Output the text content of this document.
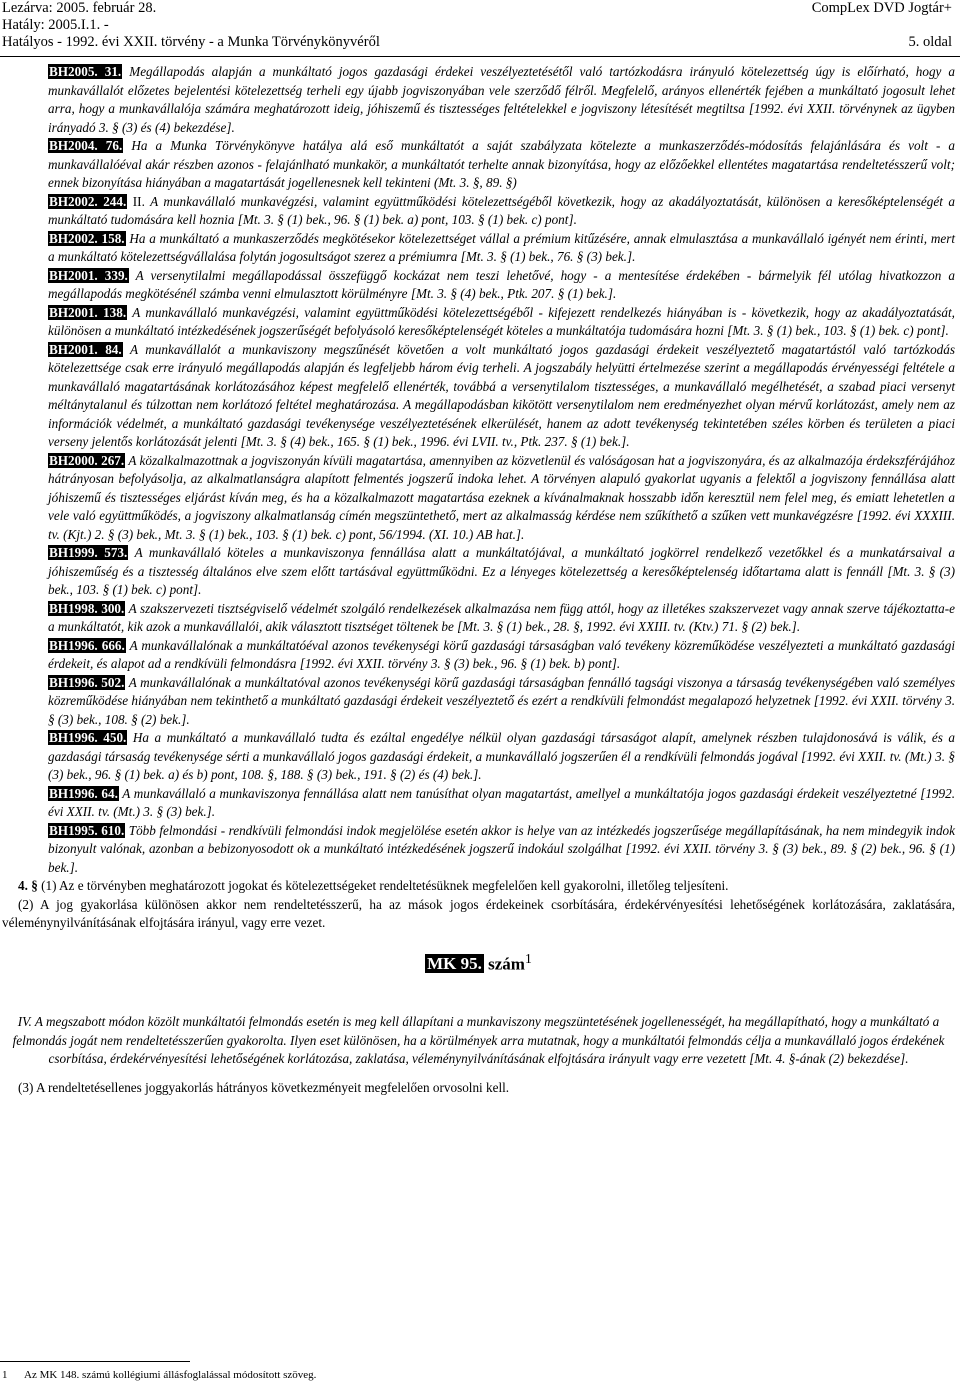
Lezárva: 2005. február 28.
Hatály: 2005.I.1. -
Hatályos - 1992. évi XXII. törvény - a Munka Törvénykönyvéről
CompLex DVD Jogtár+
5. oldal

BH2005. 31. Megállapodás alapján a munkáltató jogos gazdasági érdekei veszélyeztetésétől való tartózkodásra irányuló kötelezettség úgy is előírható, hogy a munkavállalót előzetes bejelentési kötelezettség terheli egy újabb jogviszonyában vele szerződő félről. Megfelelő, arányos ellenérték fejében a munkáltató jogosult lehet arra, hogy a munkavállalója számára meghatározott ideig, jóhiszemű és tisztességes feltételekkel e jogviszony létesítését megtiltsa [1992. évi XXII. törvénynek az ügyben irányadó 3. § (3) és (4) bekezdése].

BH2004. 76. Ha a Munka Törvénykönyve hatálya alá eső munkáltatót a saját szabályzata kötelezte a munkaszerződés-módosítás felajánlására és volt - a munkavállalóéval akár részben azonos - felajánlható munkakör, a munkáltatót terhelte annak bizonyítása, hogy az előzőekkel ellentétes magatartása rendeltetésszerű volt; ennek bizonyítása hiányában a magatartását jogellenesnek kell tekinteni (Mt. 3. §, 89. §)

BH2002. 244. II. A munkavállaló munkavégzési, valamint együttműködési kötelezettségéből következik, hogy az akadályoztatását, különösen a keresőképtelenségét a munkáltató tudomására kell hoznia [Mt. 3. § (1) bek., 96. § (1) bek. a) pont, 103. § (1) bek. c) pont].

BH2002. 158. Ha a munkáltató a munkaszerződés megkötésekor kötelezettséget vállal a prémium kitűzésére, annak elmulasztása a munkavállaló igényét nem érinti, mert a munkáltató kötelezettségvállalása folytán jogosultságot szerez a prémiumra [Mt. 3. § (1) bek., 76. § (3) bek.].

BH2001. 339. A versenytilalmi megállapodással összefüggő kockázat nem teszi lehetővé, hogy - a mentesítése érdekében - bármelyik fél utólag hivatkozzon a megállapodás megkötésénél számba venni elmulasztott körülményre [Mt. 3. § (4) bek., Ptk. 207. § (1) bek.].

BH2001. 138. A munkavállaló munkavégzési, valamint együttműködési kötelezettségéből - kifejezett rendelkezés hiányában is - következik, hogy az akadályoztatását, különösen a munkáltató intézkedésének jogszerűségét befolyásoló keresőképtelenségét köteles a munkáltatója tudomására hozni [Mt. 3. § (1) bek., 103. § (1) bek. c) pont].

BH2001. 84. A munkavállalót a munkaviszony megszűnését követően a volt munkáltató jogos gazdasági érdekeit veszélyeztető magatartástól való tartózkodás kötelezettsége csak erre irányuló megállapodás alapján és legfeljebb három évig terheli. A jogszabály helyütti értelmezése szerint a megállapodás érvényességi feltétele a munkavállaló magatartásának korlátozásához képest megfelelő ellenérték, továbbá a versenytilalom tisztességes, a munkavállaló megélhetését, a szabad piaci versenyt méltánytalanul és túlzottan nem korlátozó feltétel meghatározása. A megállapodásban kikötött versenytilalom nem eredményezhet olyan mérvű korlátozást, amely nem az információk védelmét, a munkáltató gazdasági tevékenysége veszélyeztetésének elkerülését, hanem az adott tevékenység tekintetében széles körben és területen a piaci verseny jelentős korlátozását jelenti [Mt. 3. § (4) bek., 165. § (1) bek., 1996. évi LVII. tv., Ptk. 237. § (1) bek.].

BH2000. 267. A közalkalmazottnak a jogviszonyán kívüli magatartása, amennyiben az közvetlenül és valóságosan hat a jogviszonyára, és az alkalmazója érdekszférájához hátrányosan befolyásolja, az alkalmatlanságra alapított felmentés jogszerű indoka lehet. A törvényen alapuló gyakorlat ugyanis a felektől a jogviszony fennállása alatt jóhiszemű és tisztességes eljárást kíván meg, és ha a közalkalmazott magatartása ezeknek a kívánalmaknak hosszabb időn keresztül nem felel meg, és emiatt lehetetlen a vele való együttműködés, a jogviszony alkalmatlanság címén megszüntethető, mert az alkalmasság kérdése nem szűkíthető a szűken vett munkavégzésre [1992. évi XXXIII. tv. (Kjt.) 2. § (3) bek., Mt. 3. § (1) bek., 103. § (1) bek. c) pont, 56/1994. (XI. 10.) AB hat.].

BH1999. 573. A munkavállaló köteles a munkaviszonya fennállása alatt a munkáltatójával, a munkáltató jogkörrel rendelkező vezetőkkel és a munkatársaival a jóhiszeműség és a tisztesség általános elve szem előtt tartásával együttműködni. Ez a lényeges kötelezettség a keresőképtelenség időtartama alatt is fennáll [Mt. 3. § (3) bek., 103. § (1) bek. c) pont].

BH1998. 300. A szakszervezeti tisztségviselő védelmét szolgáló rendelkezések alkalmazása nem függ attól, hogy az illetékes szakszervezet vagy annak szerve tájékoztatta-e a munkáltatót, kik azok a munkavállalói, akik választott tisztséget töltenek be [Mt. 3. § (1) bek., 28. §, 1992. évi XXIII. tv. (Ktv.) 71. § (2) bek.].

BH1996. 666. A munkavállalónak a munkáltatóéval azonos tevékenységi körű gazdasági társaságban való tevékeny közreműködése veszélyezteti a munkáltató gazdasági érdekeit, és alapot ad a rendkívüli felmondásra [1992. évi XXII. törvény 3. § (3) bek., 96. § (1) bek. b) pont].

BH1996. 502. A munkavállalónak a munkáltatóval azonos tevékenységi körű gazdasági társaságban fennálló tagsági viszonya a társaság tevékenységében való személyes közreműködése hiányában nem tekinthető a munkáltató gazdasági érdekeit veszélyeztető és ezért a rendkívüli felmondást megalapozó helyzetnek [1992. évi XXII. törvény 3. § (3) bek., 108. § (2) bek.].

BH1996. 450. Ha a munkáltató a munkavállaló tudta és ezáltal engedélye nélkül olyan gazdasági társaságot alapít, amelynek részben tulajdonosává is válik, és a gazdasági társaság tevékenysége sérti a munkavállaló jogos gazdasági érdekeit, a munkavállaló jogszerűen él a rendkívüli felmondás jogával [1992. évi XXII. tv. (Mt.) 3. § (3) bek., 96. § (1) bek. a) és b) pont, 108. §, 188. § (3) bek., 191. § (2) és (4) bek.].

BH1996. 64. A munkavállaló a munkaviszonya fennállása alatt nem tanúsíthat olyan magatartást, amellyel a munkáltatója jogos gazdasági érdekeit veszélyeztetné [1992. évi XXII. tv. (Mt.) 3. § (3) bek.].

BH1995. 610. Több felmondási - rendkívüli felmondási indok megjelölése esetén akkor is helye van az intézkedés jogszerűsége megállapításának, ha nem mindegyik indok bizonyult valónak, azonban a bebizonyosodott ok a munkáltató intézkedésének jogszerű indokául szolgálhat [1992. évi XXII. törvény 3. § (3) bek., 89. § (2) bek., 96. § (1) bek.].

4. § (1) Az e törvényben meghatározott jogokat és kötelezettségeket rendeltetésüknek megfelelően kell gyakorolni, illetőleg teljesíteni.

(2) A jog gyakorlása különösen akkor nem rendeltetésszerű, ha az mások jogos érdekeinek csorbítására, érdekérvényesítési lehetőségének korlátozására, zaklatására, véleménynyilvánításának elfojtására irányul, vagy erre vezet.

MK 95. szám$^1$

IV. A megszabott módon közölt munkáltatói felmondás esetén is meg kell állapítani a munkaviszony megszüntetésének jogellenességét, ha megállapítható, hogy a munkáltató a felmondás jogát nem rendeltetésszerűen gyakorolta. Ilyen eset különösen, ha a körülmények arra mutatnak, hogy a munkáltatói felmondás célja a munkavállaló jogos érdekének csorbítása, érdekérvényesítési lehetőségének korlátozása, zaklatása, véleménynyilvánításának elfojtására irányult vagy erre vezetett [Mt. 4. §-ának (2) bekezdése].

(3) A rendeltetésellenes joggyakorlás hátrányos következményeit megfelelően orvosolni kell.

1 Az MK 148. számú kollégiumi állásfoglalással módosított szöveg.
